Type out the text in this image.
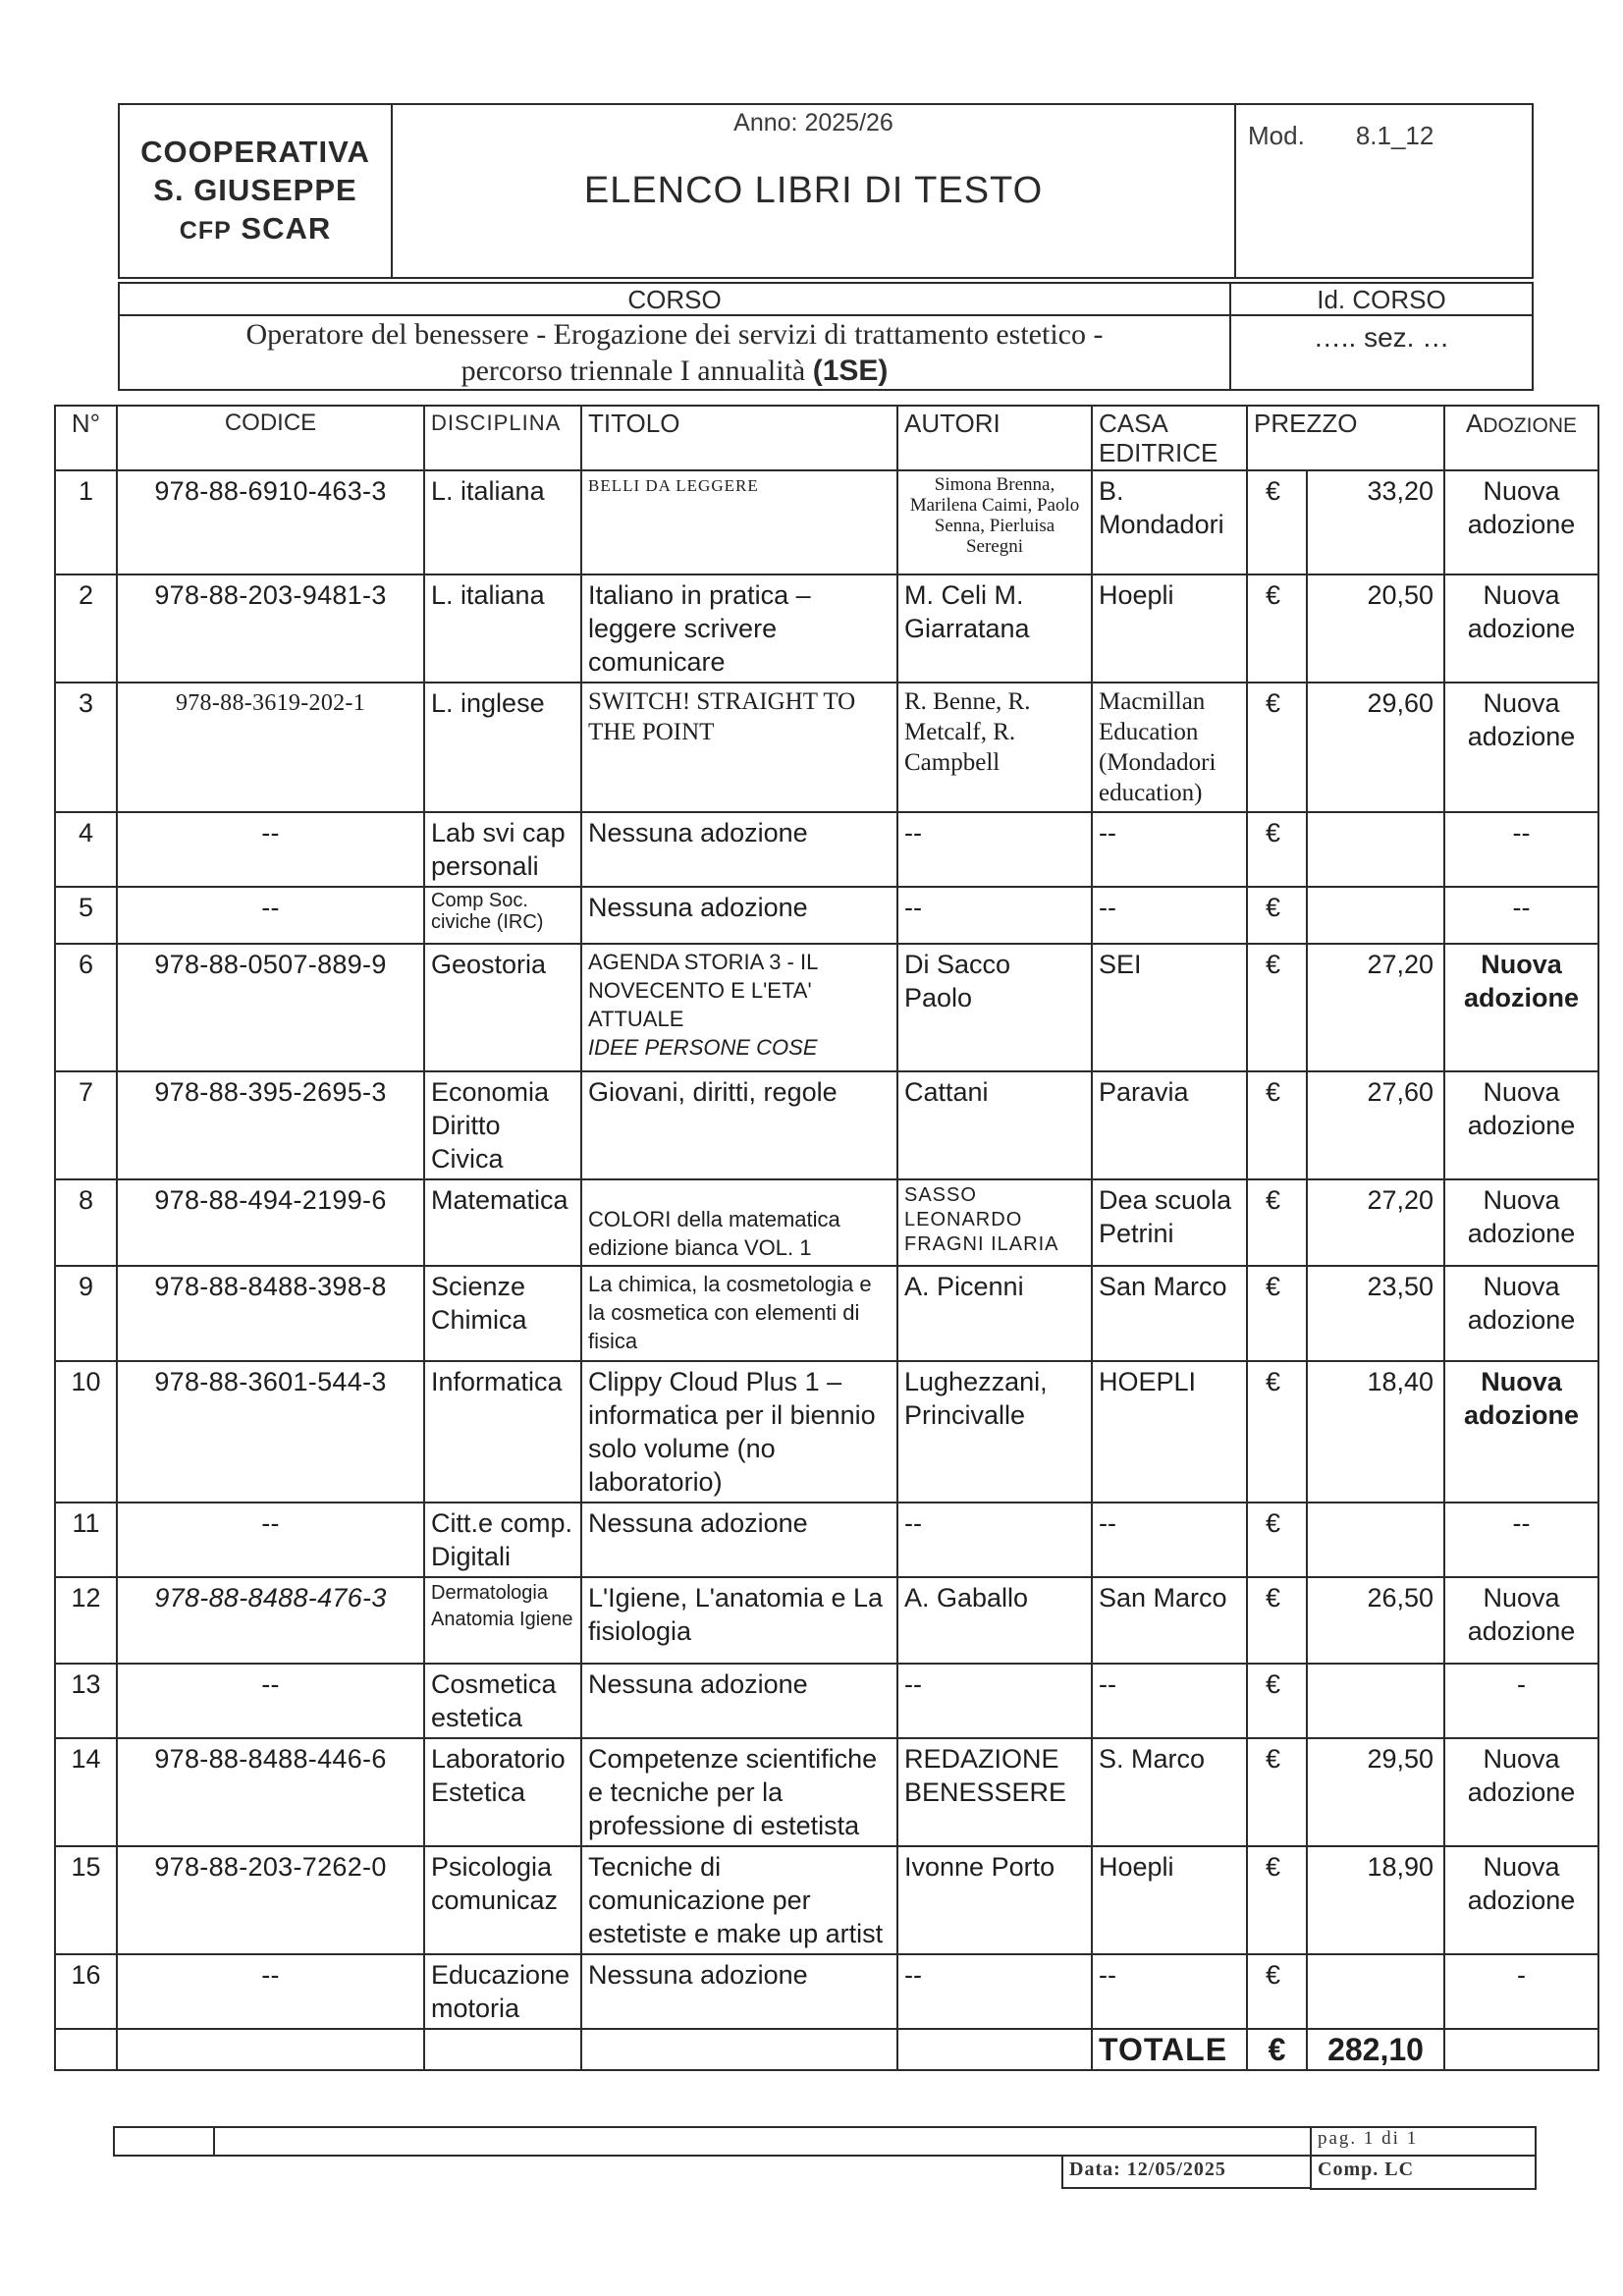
COOPERATIVA
S. GIUSEPPE
CFP SCAR

Anno: 2025/26
ELENCO LIBRI DI TESTO
	Mod. 8.1_12
CORSO	Id. CORSO

Operatore del benessere - Erogazione dei servizi di trattamento estetico -
percorso triennale I annualità (1SE)	….. sez. …
N°	CODICE	DISCIPLINA	TITOLO	AUTORI	CASA EDITRICE	PREZZO		ADOZIONE
1	978-88-6910-463-3	L. italiana	BELLI DA LEGGERE	Simona Brenna, Marilena Caimi, Paolo Senna, Pierluisa Seregni	B. Mondadori	€	33,20	Nuova adozione
2	978-88-203-9481-3	L. italiana	Italiano in pratica – leggere scrivere comunicare	M. Celi M. Giarratana	Hoepli	€	20,50	Nuova adozione
3	978-88-3619-202-1	L. inglese	SWITCH! STRAIGHT TO THE POINT	R. Benne, R. Metcalf, R. Campbell	Macmillan Education (Mondadori education)	€	29,60	Nuova adozione
4	--	Lab svi cap personali	Nessuna adozione	--	--	€		--
5	--	Comp Soc. civiche (IRC)	Nessuna adozione	--	--	€		--
6	978-88-0507-889-9	Geostoria	AGENDA STORIA 3 - IL NOVECENTO E L'ETA' ATTUALE
IDEE PERSONE COSE	Di Sacco Paolo	SEI	€	27,20	Nuova adozione
7	978-88-395-2695-3	Economia Diritto Civica	Giovani, diritti, regole	Cattani	Paravia	€	27,60	Nuova adozione
8	978-88-494-2199-6	Matematica	COLORI della matematica edizione bianca VOL. 1	SASSO LEONARDO FRAGNI ILARIA	Dea scuola Petrini	€	27,20	Nuova adozione
9	978-88-8488-398-8	Scienze Chimica	La chimica, la cosmetologia e la cosmetica con elementi di fisica	A. Picenni	San Marco	€	23,50	Nuova adozione
10	978-88-3601-544-3	Informatica	Clippy Cloud Plus 1 – informatica per il biennio solo volume (no laboratorio)	Lughezzani, Princivalle	HOEPLI	€	18,40	Nuova adozione
11	--	Citt.e comp. Digitali	Nessuna adozione	--	--	€		--
12	978-88-8488-476-3	Dermatologia Anatomia Igiene	L'Igiene, L'anatomia e La fisiologia	A. Gaballo	San Marco	€	26,50	Nuova adozione
13	--	Cosmetica estetica	Nessuna adozione	--	--	€		-
14	978-88-8488-446-6	Laboratorio Estetica	Competenze scientifiche e tecniche per la professione di estetista	REDAZIONE BENESSERE	S. Marco	€	29,50	Nuova adozione
15	978-88-203-7262-0	Psicologia comunicaz	Tecniche di comunicazione per estetiste e make up artist	Ivonne Porto	Hoepli	€	18,90	Nuova adozione
16	--	Educazione motoria	Nessuna adozione	--	--	€		-
					TOTALE	€	282,10	
		pag. 1 di 1

	Data: 12/05/2025
		Comp. LC
